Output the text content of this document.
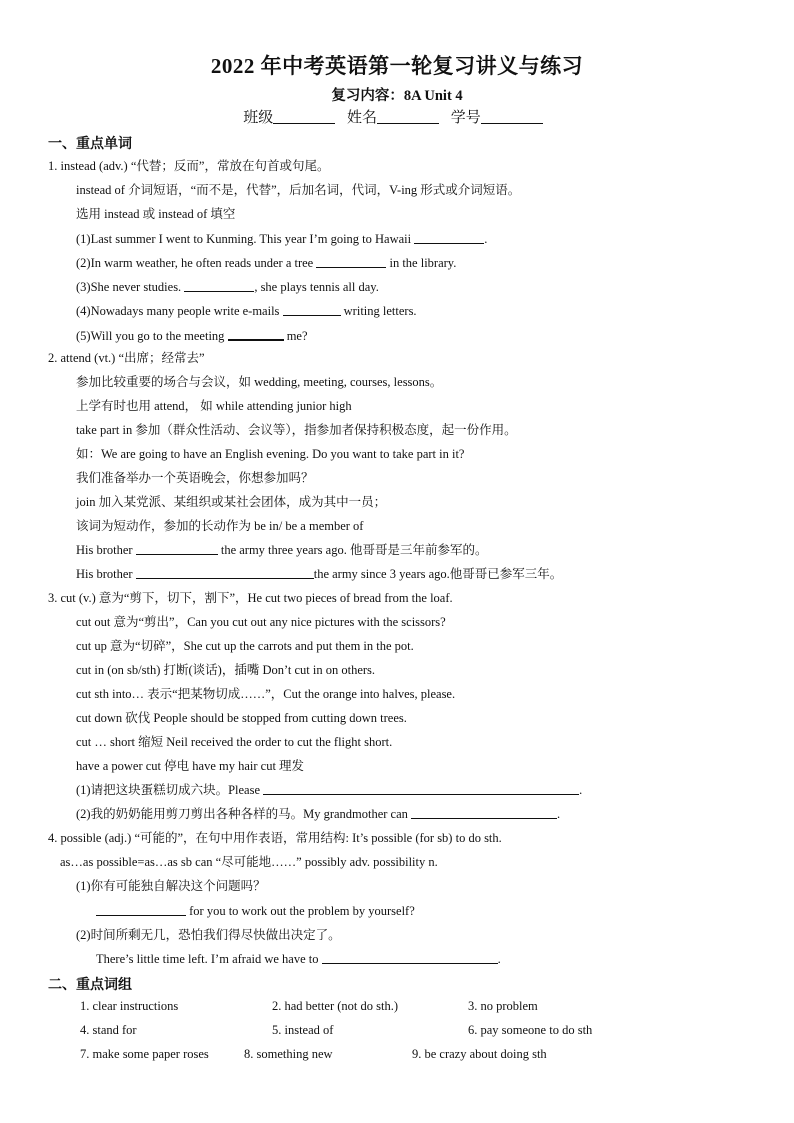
2022 年中考英语第一轮复习讲义与练习
复习内容：8A Unit 4
班级	姓名	学号
一、重点单词
1. instead (adv.) “代替；反而”，常放在句首或句尾。
instead of 介词短语，“而不是，代替”，后加名词，代词，V-ing 形式或介词短语。
选用 instead 或 instead of 填空
(1)Last summer I went to Kunming. This year I’m going to Hawaii	.
(2)In warm weather, he often reads under a tree	in the library.
(3)She never studies.	, she plays tennis all day.
(4)Nowadays many people write e-mails	writing letters.
(5)Will you go to the meeting	me?
2. attend (vt.) “出席；经常去”
参加比较重要的场合与会议，如 wedding, meeting, courses, lessons。
上学有时也用 attend， 如 while attending junior high
take part in 参加（群众性活动、会议等），指参加者保持积极态度，起一份作用。
如：We are going to have an English evening. Do you want to take part in it?
我们准备举办一个英语晚会，你想参加吗？
join 加入某党派、某组织或某社会团体，成为其中一员；
该词为短动作，参加的长动作为 be in/ be a member of
His brother	the army three years ago. 他哥哥是三年前参军的。
His brother	the army since 3 years ago.他哥哥已参军三年。
3. cut (v.) 意为“剪下，切下，割下”，He cut two pieces of bread from the loaf.
cut out 意为“剪出”，Can you cut out any nice pictures with the scissors?
cut up 意为“切碎”，She cut up the carrots and put them in the pot.
cut in (on sb/sth) 打断(谈话)，插嘴 Don’t cut in on others.
cut sth into… 表示“把某物切成……”，Cut the orange into halves, please.
cut down 砍伐 People should be stopped from cutting down trees.
cut … short 缩短 Neil received the order to cut the flight short.
have a power cut 停电 have my hair cut 理发
(1)请把这块蛋糕切成六块。Please	.
(2)我的奶奶能用剪刀剪出各种各样的马。My grandmother can	.
4. possible (adj.) “可能的”，在句中用作表语，常用结构: It’s possible (for sb) to do sth.
as…as possible=as…as sb can “尽可能地……” possibly adv. possibility n.
(1)你有可能独自解决这个问题吗？
for you to work out the problem by yourself?
(2)时间所剩无几，恐怕我们得尽快做出决定了。
There’s little time left. I’m afraid we have to	.
二、重点词组
1. clear instructions	2. had better (not do sth.)	3. no problem
4. stand for	5. instead of	6. pay someone to do sth
7. make some paper roses	8. something new	9. be crazy about doing sth
